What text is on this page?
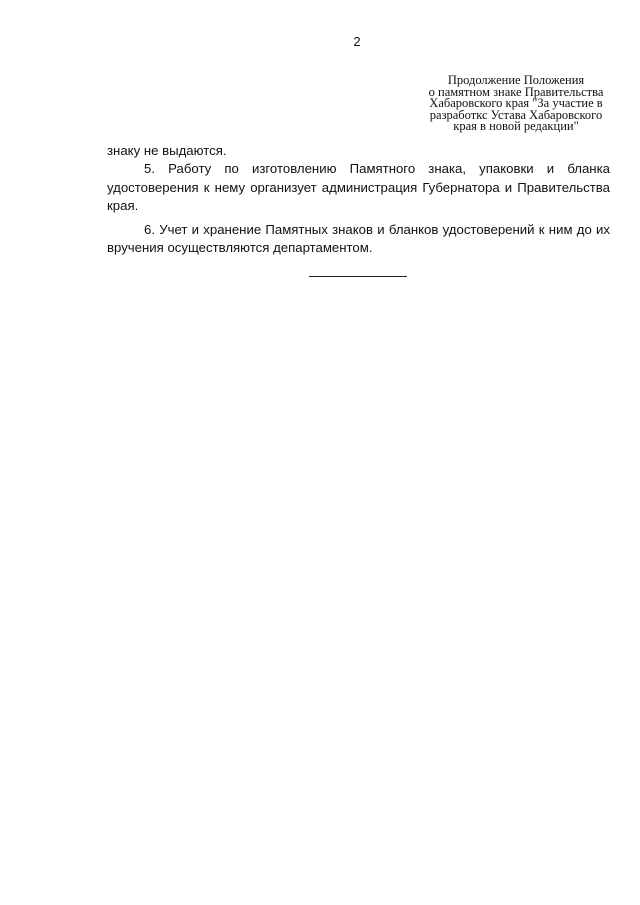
2
Продолжение Положения
о памятном знаке Правительства
Хабаровского края "За участие в
разработкс Устава Хабаровского
края в новой редакции"

знаку не выдаются.

5. Работу по изготовлению Памятного знака, упаковки и бланка удостоверения к нему организует администрация Губернатора и Правительства края.

6. Учет и хранение Памятных знаков и бланков удостоверений к ним до их вручения осуществляются департаментом.
